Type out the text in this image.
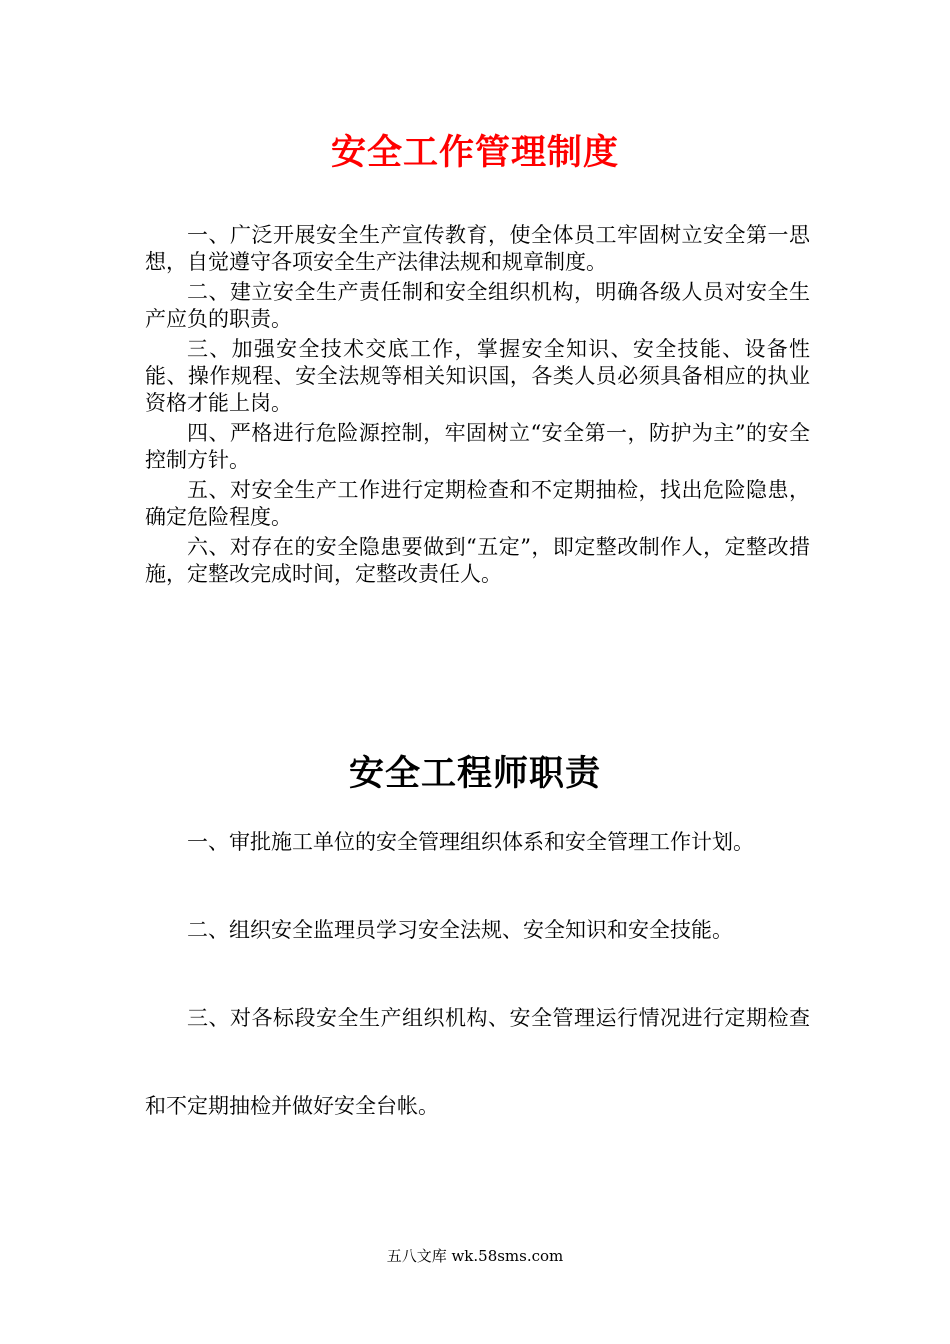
安全工作管理制度

一、广泛开展安全生产宣传教育，使全体员工牢固树立安全第一思想，自觉遵守各项安全生产法律法规和规章制度。

二、建立安全生产责任制和安全组织机构，明确各级人员对安全生产应负的职责。

三、加强安全技术交底工作，掌握安全知识、安全技能、设备性能、操作规程、安全法规等相关知识国，各类人员必须具备相应的执业资格才能上岗。

四、严格进行危险源控制，牢固树立“安全第一，防护为主”的安全控制方针。

五、对安全生产工作进行定期检查和不定期抽检，找出危险隐患，确定危险程度。

六、对存在的安全隐患要做到“五定”，即定整改制作人，定整改措施，定整改完成时间，定整改责任人。

安全工程师职责

一、审批施工单位的安全管理组织体系和安全管理工作计划。

二、组织安全监理员学习安全法规、安全知识和安全技能。

三、对各标段安全生产组织机构、安全管理运行情况进行定期检查和不定期抽检并做好安全台帐。

五八文库 wk.58sms.com
